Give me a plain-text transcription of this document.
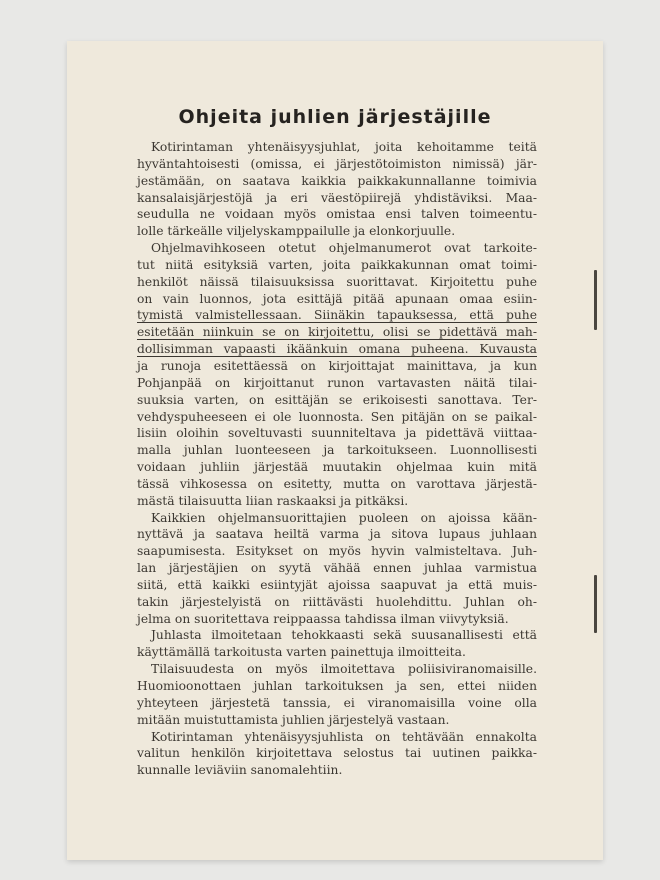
Ohjeita juhlien järjestäjille
Kotirintaman yhtenäisyysjuhlat, joita kehoitamme teitä
hyväntahtoisesti (omissa, ei järjestötoimiston nimissä) jär-
jestämään, on saatava kaikkia paikkakunnallanne toimivia
kansalaisjärjestöjä ja eri väestöpiirejä yhdistäviksi. Maa-
seudulla ne voidaan myös omistaa ensi talven toimeentu-
lolle tärkeälle viljelyskamppailulle ja elonkorjuulle.
Ohjelmavihkoseen otetut ohjelmanumerot ovat tarkoite-
tut niitä esityksiä varten, joita paikkakunnan omat toimi-
henkilöt näissä tilaisuuksissa suorittavat. Kirjoitettu puhe
on vain luonnos, jota esittäjä pitää apunaan omaa esiin-
tymistä valmistellessaan. Siinäkin tapauksessa, että puhe
esitetään niinkuin se on kirjoitettu, olisi se pidettävä mah-
dollisimman vapaasti ikäänkuin omana puheena. Kuvausta
ja runoja esitettäessä on kirjoittajat mainittava, ja kun
Pohjanpää on kirjoittanut runon vartavasten näitä tilai-
suuksia varten, on esittäjän se erikoisesti sanottava. Ter-
vehdyspuheeseen ei ole luonnosta. Sen pitäjän on se paikal-
lisiin oloihin soveltuvasti suunniteltava ja pidettävä viittaa-
malla juhlan luonteeseen ja tarkoitukseen. Luonnollisesti
voidaan juhliin järjestää muutakin ohjelmaa kuin mitä
tässä vihkosessa on esitetty, mutta on varottava järjestä-
mästä tilaisuutta liian raskaaksi ja pitkäksi.
Kaikkien ohjelmansuorittajien puoleen on ajoissa kään-
nyttävä ja saatava heiltä varma ja sitova lupaus juhlaan
saapumisesta. Esitykset on myös hyvin valmisteltava. Juh-
lan järjestäjien on syytä vähää ennen juhlaa varmistua
siitä, että kaikki esiintyjät ajoissa saapuvat ja että muis-
takin järjestelyistä on riittävästi huolehdittu. Juhlan oh-
jelma on suoritettava reippaassa tahdissa ilman viivytyksiä.
Juhlasta ilmoitetaan tehokkaasti sekä suusanallisesti että
käyttämällä tarkoitusta varten painettuja ilmoitteita.
Tilaisuudesta on myös ilmoitettava poliisiviranomaisille.
Huomioonottaen juhlan tarkoituksen ja sen, ettei niiden
yhteyteen järjestetä tanssia, ei viranomaisilla voine olla
mitään muistuttamista juhlien järjestelyä vastaan.
Kotirintaman yhtenäisyysjuhlista on tehtävään ennakolta
valitun henkilön kirjoitettava selostus tai uutinen paikka-
kunnalle leviäviin sanomalehtiin.
